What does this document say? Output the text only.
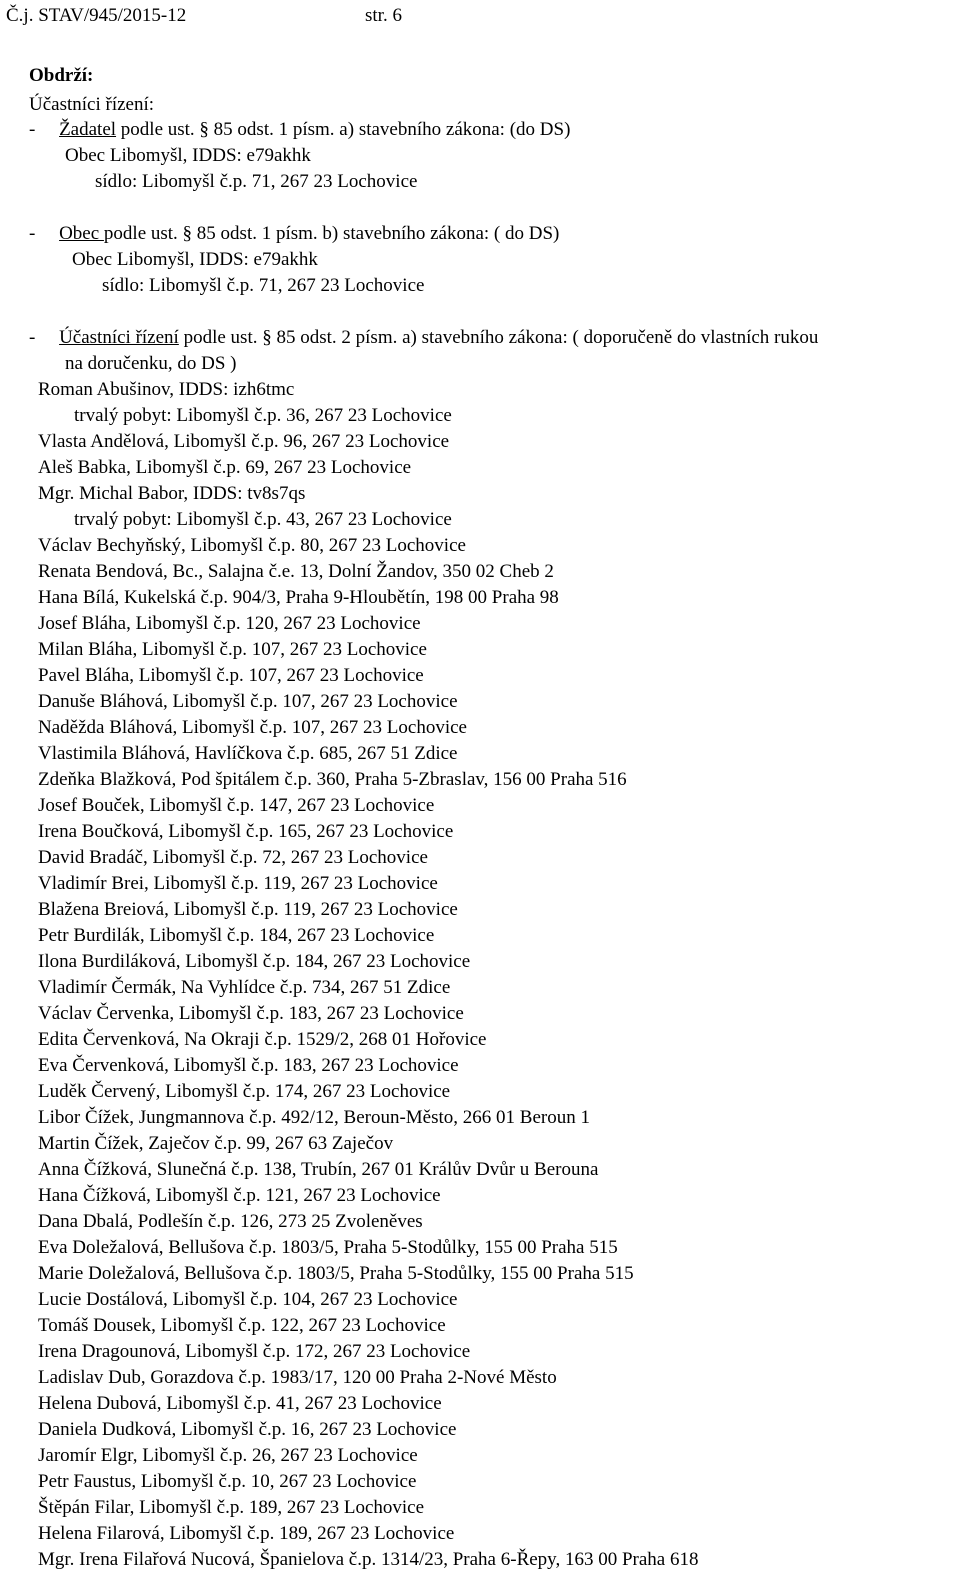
Č.j. STAV/945/2015-12	str. 6
Obdrží:
Účastníci řízení:
- Žadatel podle ust. § 85 odst. 1 písm. a) stavebního zákona: (do DS)
Obec Libomyšl, IDDS: e79akhk
sídlo: Libomyšl č.p. 71, 267 23 Lochovice
- Obec podle ust. § 85 odst. 1 písm. b) stavebního zákona: ( do DS)
Obec Libomyšl, IDDS: e79akhk
sídlo: Libomyšl č.p. 71, 267 23 Lochovice
- Účastníci řízení podle ust. § 85 odst. 2 písm. a) stavebního zákona: ( doporučeně do vlastních rukou
na doručenku, do DS )
Roman Abušinov, IDDS: izh6tmc
trvalý pobyt: Libomyšl č.p. 36, 267 23 Lochovice
Vlasta Andělová, Libomyšl č.p. 96, 267 23 Lochovice
Aleš Babka, Libomyšl č.p. 69, 267 23 Lochovice
Mgr. Michal Babor, IDDS: tv8s7qs
trvalý pobyt: Libomyšl č.p. 43, 267 23 Lochovice
Václav Bechyňský, Libomyšl č.p. 80, 267 23 Lochovice
Renata Bendová, Bc., Salajna č.e. 13, Dolní Žandov, 350 02 Cheb 2
Hana Bílá, Kukelská č.p. 904/3, Praha 9-Hloubětín, 198 00 Praha 98
Josef Bláha, Libomyšl č.p. 120, 267 23 Lochovice
Milan Bláha, Libomyšl č.p. 107, 267 23 Lochovice
Pavel Bláha, Libomyšl č.p. 107, 267 23 Lochovice
Danuše Bláhová, Libomyšl č.p. 107, 267 23 Lochovice
Naděžda Bláhová, Libomyšl č.p. 107, 267 23 Lochovice
Vlastimila Bláhová, Havlíčkova č.p. 685, 267 51 Zdice
Zdeňka Blažková, Pod špitálem č.p. 360, Praha 5-Zbraslav, 156 00 Praha 516
Josef Bouček, Libomyšl č.p. 147, 267 23 Lochovice
Irena Boučková, Libomyšl č.p. 165, 267 23 Lochovice
David Bradáč, Libomyšl č.p. 72, 267 23 Lochovice
Vladimír Brei, Libomyšl č.p. 119, 267 23 Lochovice
Blažena Breiová, Libomyšl č.p. 119, 267 23 Lochovice
Petr Burdilák, Libomyšl č.p. 184, 267 23 Lochovice
Ilona Burdiláková, Libomyšl č.p. 184, 267 23 Lochovice
Vladimír Čermák, Na Vyhlídce č.p. 734, 267 51 Zdice
Václav Červenka, Libomyšl č.p. 183, 267 23 Lochovice
Edita Červenková, Na Okraji č.p. 1529/2, 268 01 Hořovice
Eva Červenková, Libomyšl č.p. 183, 267 23 Lochovice
Luděk Červený, Libomyšl č.p. 174, 267 23 Lochovice
Libor Čížek, Jungmannova č.p. 492/12, Beroun-Město, 266 01 Beroun 1
Martin Čížek, Zaječov č.p. 99, 267 63 Zaječov
Anna Čížková, Slunečná č.p. 138, Trubín, 267 01 Králův Dvůr u Berouna
Hana Čížková, Libomyšl č.p. 121, 267 23 Lochovice
Dana Dbalá, Podlešín č.p. 126, 273 25 Zvoleněves
Eva Doležalová, Bellušova č.p. 1803/5, Praha 5-Stodůlky, 155 00 Praha 515
Marie Doležalová, Bellušova č.p. 1803/5, Praha 5-Stodůlky, 155 00 Praha 515
Lucie Dostálová, Libomyšl č.p. 104, 267 23 Lochovice
Tomáš Dousek, Libomyšl č.p. 122, 267 23 Lochovice
Irena Dragounová, Libomyšl č.p. 172, 267 23 Lochovice
Ladislav Dub, Gorazdova č.p. 1983/17, 120 00 Praha 2-Nové Město
Helena Dubová, Libomyšl č.p. 41, 267 23 Lochovice
Daniela Dudková, Libomyšl č.p. 16, 267 23 Lochovice
Jaromír Elgr, Libomyšl č.p. 26, 267 23 Lochovice
Petr Faustus, Libomyšl č.p. 10, 267 23 Lochovice
Štěpán Filar, Libomyšl č.p. 189, 267 23 Lochovice
Helena Filarová, Libomyšl č.p. 189, 267 23 Lochovice
Mgr. Irena Filařová Nucová, Španielova č.p. 1314/23, Praha 6-Řepy, 163 00 Praha 618
